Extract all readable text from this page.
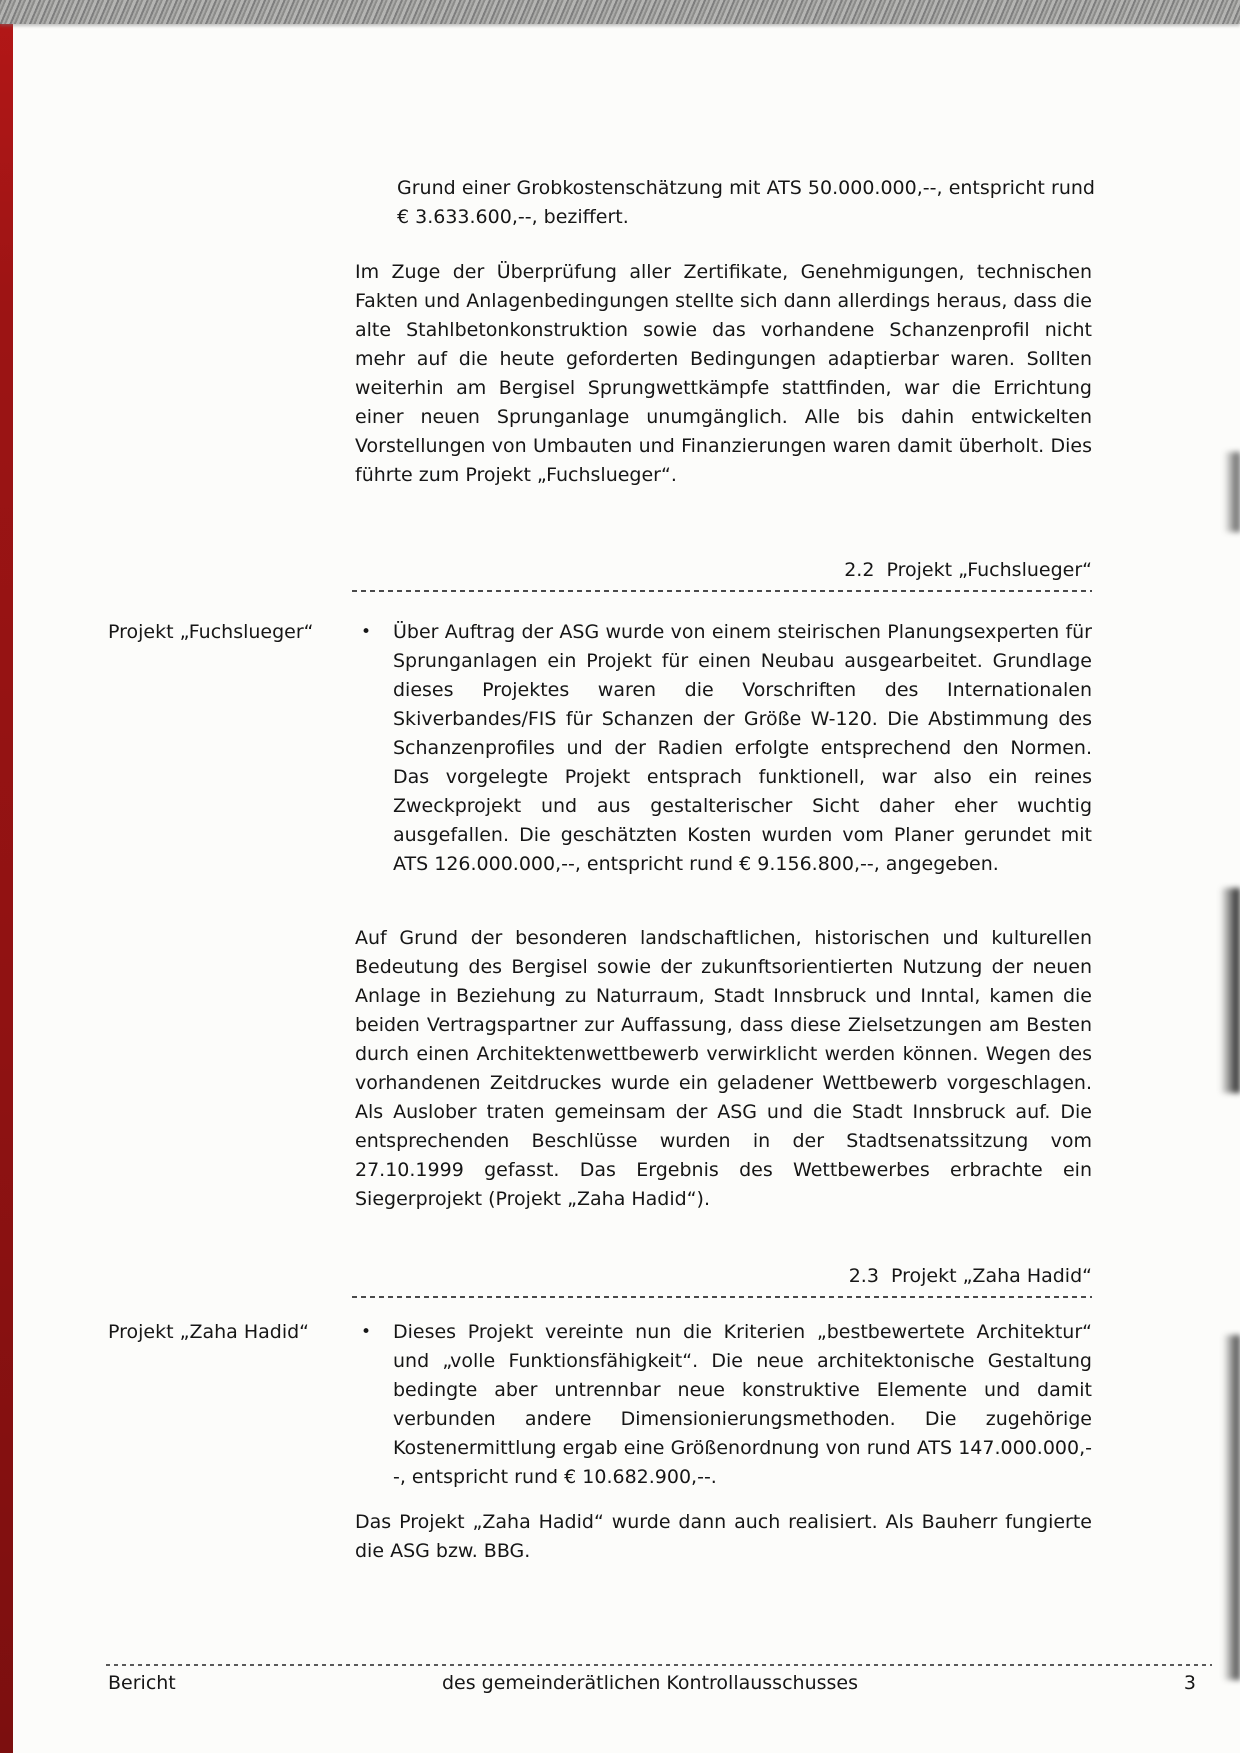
Grund einer Grobkostenschätzung mit ATS 50.000.000,--, entspricht rund € 3.633.600,--, beziffert.

Im Zuge der Überprüfung aller Zertifikate, Genehmigungen, technischen Fakten und Anlagenbedingungen stellte sich dann allerdings heraus, dass die alte Stahlbetonkonstruktion sowie das vorhandene Schanzenprofil nicht mehr auf die heute geforderten Bedingungen adaptierbar waren. Sollten weiterhin am Bergisel Sprungwettkämpfe stattfinden, war die Errichtung einer neuen Sprunganlage unumgänglich. Alle bis dahin entwickelten Vorstellungen von Umbauten und Finanzierungen waren damit überholt. Dies führte zum Projekt „Fuchslueger“.

2.2  Projekt „Fuchslueger“
Projekt „Fuchslueger“	• Über Auftrag der ASG wurde von einem steirischen Planungsexperten für Sprunganlagen ein Projekt für einen Neubau ausgearbeitet. Grundlage dieses Projektes waren die Vorschriften des Internationalen Skiverbandes/FIS für Schanzen der Größe W-120. Die Abstimmung des Schanzenprofiles und der Radien erfolgte entsprechend den Normen. Das vorgelegte Projekt entsprach funktionell, war also ein reines Zweckprojekt und aus gestalterischer Sicht daher eher wuchtig ausgefallen. Die geschätzten Kosten wurden vom Planer gerundet mit ATS 126.000.000,--, entspricht rund € 9.156.800,--, angegeben.

Auf Grund der besonderen landschaftlichen, historischen und kulturellen Bedeutung des Bergisel sowie der zukunftsorientierten Nutzung der neuen Anlage in Beziehung zu Naturraum, Stadt Innsbruck und Inntal, kamen die beiden Vertragspartner zur Auffassung, dass diese Zielsetzungen am Besten durch einen Architektenwettbewerb verwirklicht werden können. Wegen des vorhandenen Zeitdruckes wurde ein geladener Wettbewerb vorgeschlagen. Als Auslober traten gemeinsam der ASG und die Stadt Innsbruck auf. Die entsprechenden Beschlüsse wurden in der Stadtsenatssitzung vom 27.10.1999 gefasst. Das Ergebnis des Wettbewerbes erbrachte ein Siegerprojekt (Projekt „Zaha Hadid“).

2.3  Projekt „Zaha Hadid“
Projekt „Zaha Hadid“	• Dieses Projekt vereinte nun die Kriterien „bestbewertete Architektur“ und „volle Funktionsfähigkeit“. Die neue architektonische Gestaltung bedingte aber untrennbar neue konstruktive Elemente und damit verbunden andere Dimensionierungsmethoden. Die zugehörige Kostenermittlung ergab eine Größenordnung von rund ATS 147.000.000,--, entspricht rund € 10.682.900,--.

Das Projekt „Zaha Hadid“ wurde dann auch realisiert. Als Bauherr fungierte die ASG bzw. BBG.

Bericht	des gemeinderätlichen Kontrollausschusses	3
